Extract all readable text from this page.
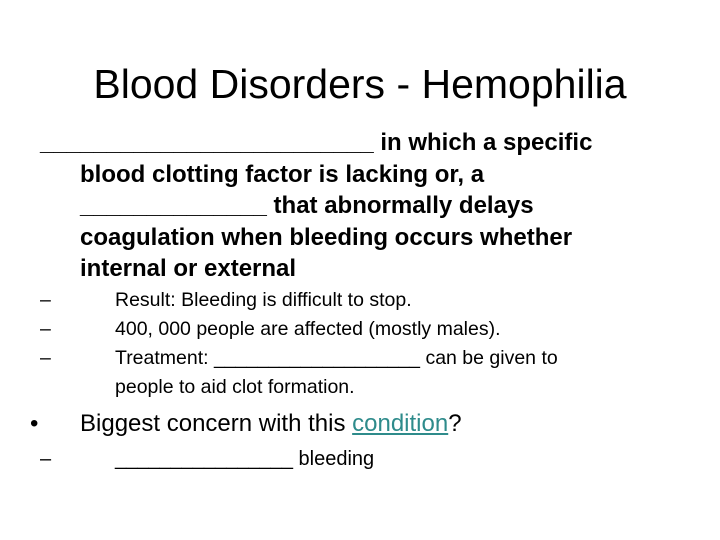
Blood Disorders - Hemophilia
_________________________ in which a specific
blood clotting factor is lacking or, a
______________ that abnormally delays
coagulation when bleeding occurs whether
internal or external
–	Result: Bleeding is difficult to stop.
–	400, 000 people are affected (mostly males).
–	Treatment: ___________________ can be given to
people to aid clot formation.
• Biggest concern with this condition?
–	________________ bleeding
